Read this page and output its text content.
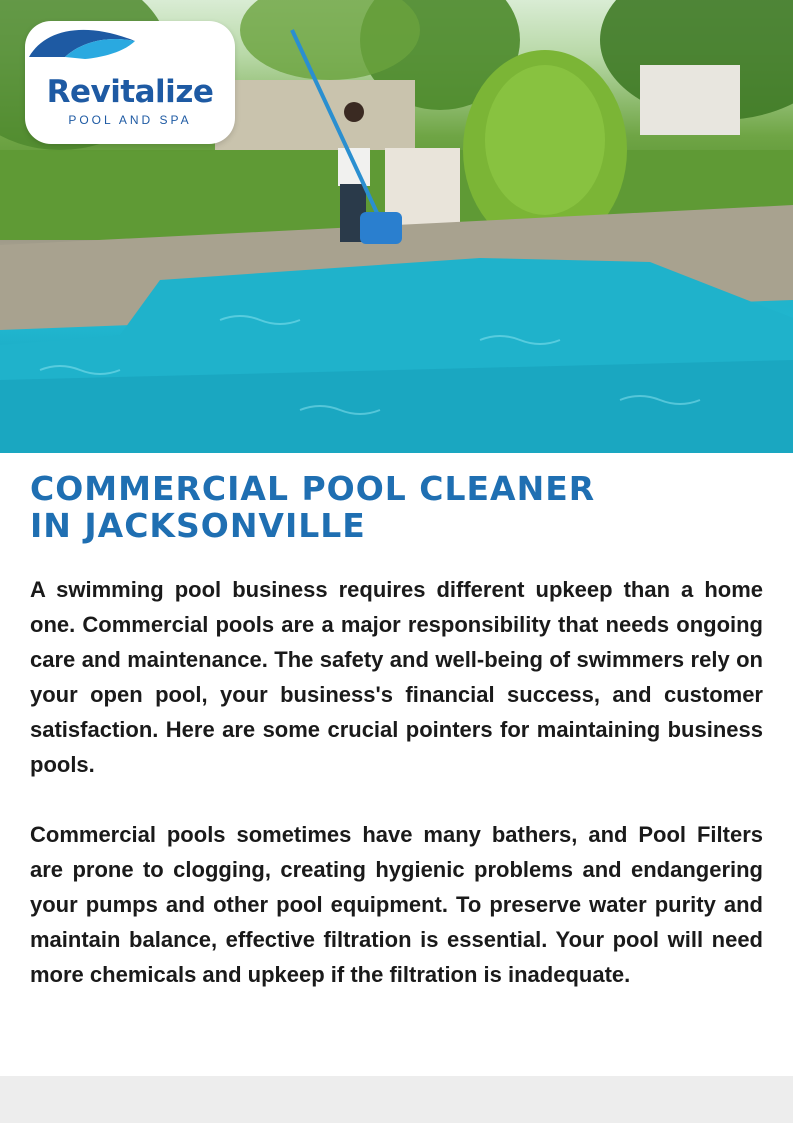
Revitalize
POOL AND SPA
COMMERCIAL POOL CLEANER
IN JACKSONVILLE

A swimming pool business requires different upkeep than a home one. Commercial pools are a major responsibility that needs ongoing care and maintenance. The safety and well-being of swimmers rely on your open pool, your business's financial success, and customer satisfaction. Here are some crucial pointers for maintaining business pools.

Commercial pools sometimes have many bathers, and Pool Filters are prone to clogging, creating hygienic problems and endangering your pumps and other pool equipment. To preserve water purity and maintain balance, effective filtration is essential. Your pool will need more chemicals and upkeep if the filtration is inadequate.
